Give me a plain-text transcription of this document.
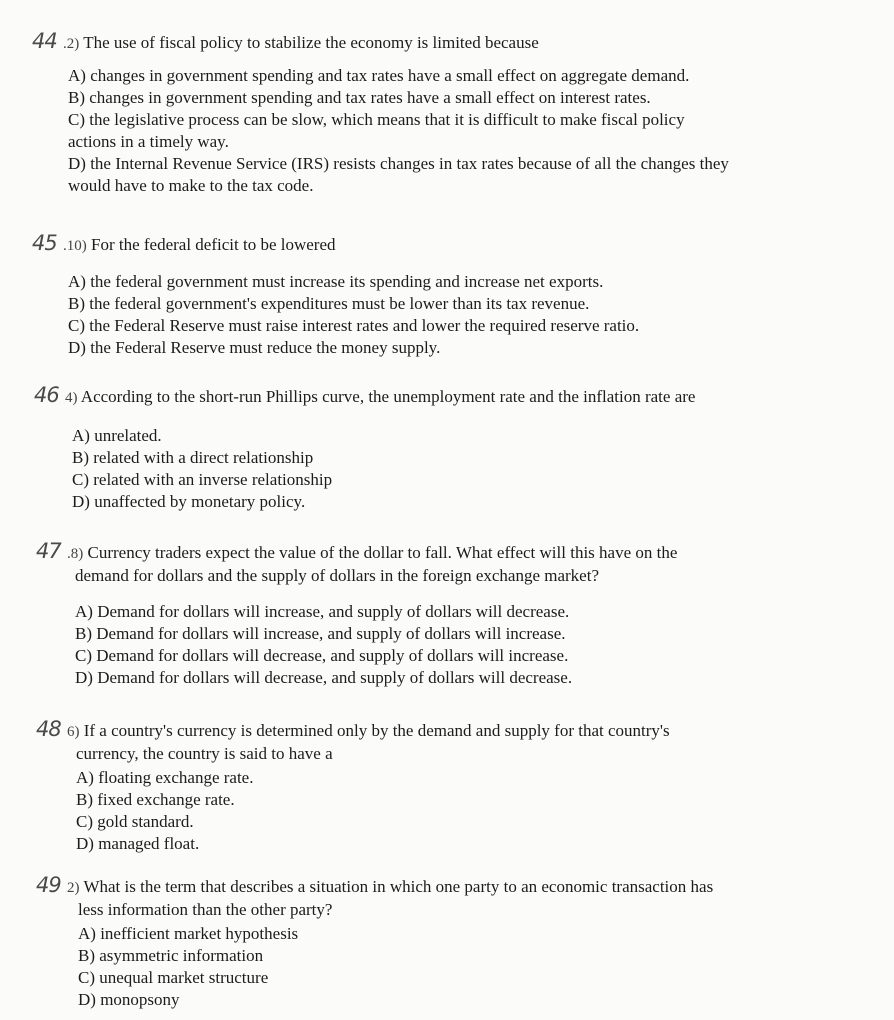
44 .2) The use of fiscal policy to stabilize the economy is limited because
A) changes in government spending and tax rates have a small effect on aggregate demand.
B) changes in government spending and tax rates have a small effect on interest rates.
C) the legislative process can be slow, which means that it is difficult to make fiscal policy
actions in a timely way.
D) the Internal Revenue Service (IRS) resists changes in tax rates because of all the changes they
would have to make to the tax code.
45 .10) For the federal deficit to be lowered
A) the federal government must increase its spending and increase net exports.
B) the federal government's expenditures must be lower than its tax revenue.
C) the Federal Reserve must raise interest rates and lower the required reserve ratio.
D) the Federal Reserve must reduce the money supply.
46 4) According to the short-run Phillips curve, the unemployment rate and the inflation rate are
A) unrelated.
B) related with a direct relationship
C) related with an inverse relationship
D) unaffected by monetary policy.
47 .8) Currency traders expect the value of the dollar to fall. What effect will this have on the
demand for dollars and the supply of dollars in the foreign exchange market?
A) Demand for dollars will increase, and supply of dollars will decrease.
B) Demand for dollars will increase, and supply of dollars will increase.
C) Demand for dollars will decrease, and supply of dollars will increase.
D) Demand for dollars will decrease, and supply of dollars will decrease.
48 6) If a country's currency is determined only by the demand and supply for that country's
currency, the country is said to have a
A) floating exchange rate.
B) fixed exchange rate.
C) gold standard.
D) managed float.
49 2) What is the term that describes a situation in which one party to an economic transaction has
less information than the other party?
A) inefficient market hypothesis
B) asymmetric information
C) unequal market structure
D) monopsony
